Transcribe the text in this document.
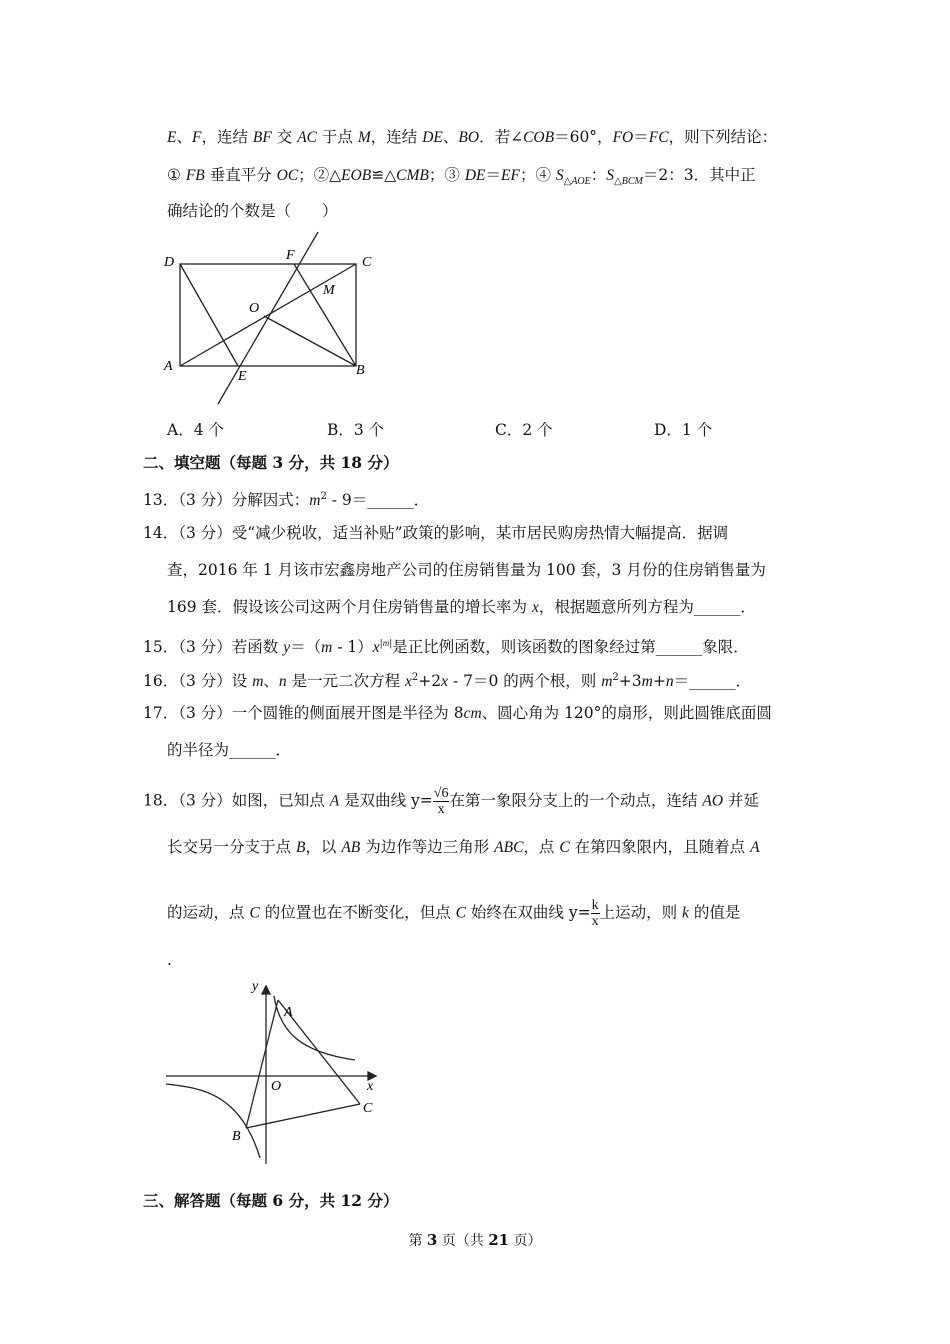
E、F，连结 BF 交 AC 于点 M，连结 DE、BO．若∠COB＝60°，FO＝FC，则下列结论：
① FB 垂直平分 OC；②△EOB≌△CMB；③ DE＝EF；④ $S_{\triangle AOE}$：$S_{\triangle BCM}=2$：3．其中正
确结论的个数是（　　）
D	F	C
O
M
A
E	B
A．4 个	B．3 个	C．2 个	D．1 个
二、填空题（每题 3 分，共 18 分）
13．（3 分）分解因式：$m^2$ - 9＝______．
14．（3 分）受“减少税收，适当补贴”政策的影响，某市居民购房热情大幅提高．据调
查，2016 年 1 月该市宏鑫房地产公司的住房销售量为 100 套，3 月份的住房销售量为
169 套．假设该公司这两个月住房销售量的增长率为 x，根据题意所列方程为______．
15．（3 分）若函数 $y=(m - 1)x^{|m|}$是正比例函数，则该函数的图象经过第______象限．
16．（3 分）设 m、n 是一元二次方程 $x^2+2x - 7=0$ 的两个根，则 $m^2+3m+n=\_\_\_\_\_\_$．
17．（3 分）一个圆锥的侧面展开图是半径为 8cm、圆心角为 120°的扇形，则此圆锥底面圆
的半径为______．
18．（3 分）如图，已知点 A 是双曲线 $y= \frac{√6}{x}$ 在第一象限分支上的一个动点，连结 AO 并延
长交另一分支于点 B，以 AB 为边作等边三角形 ABC，点 C 在第四象限内，且随着点 A
的运动，点 C 的位置也在不断变化，但点 C 始终在双曲线 $y= \frac{k}{x}$ 上运动，则 k 的值是
.
y
A
O	x
C
B
三、解答题（每题 6 分，共 12 分）
第 3 页（共 21 页）
